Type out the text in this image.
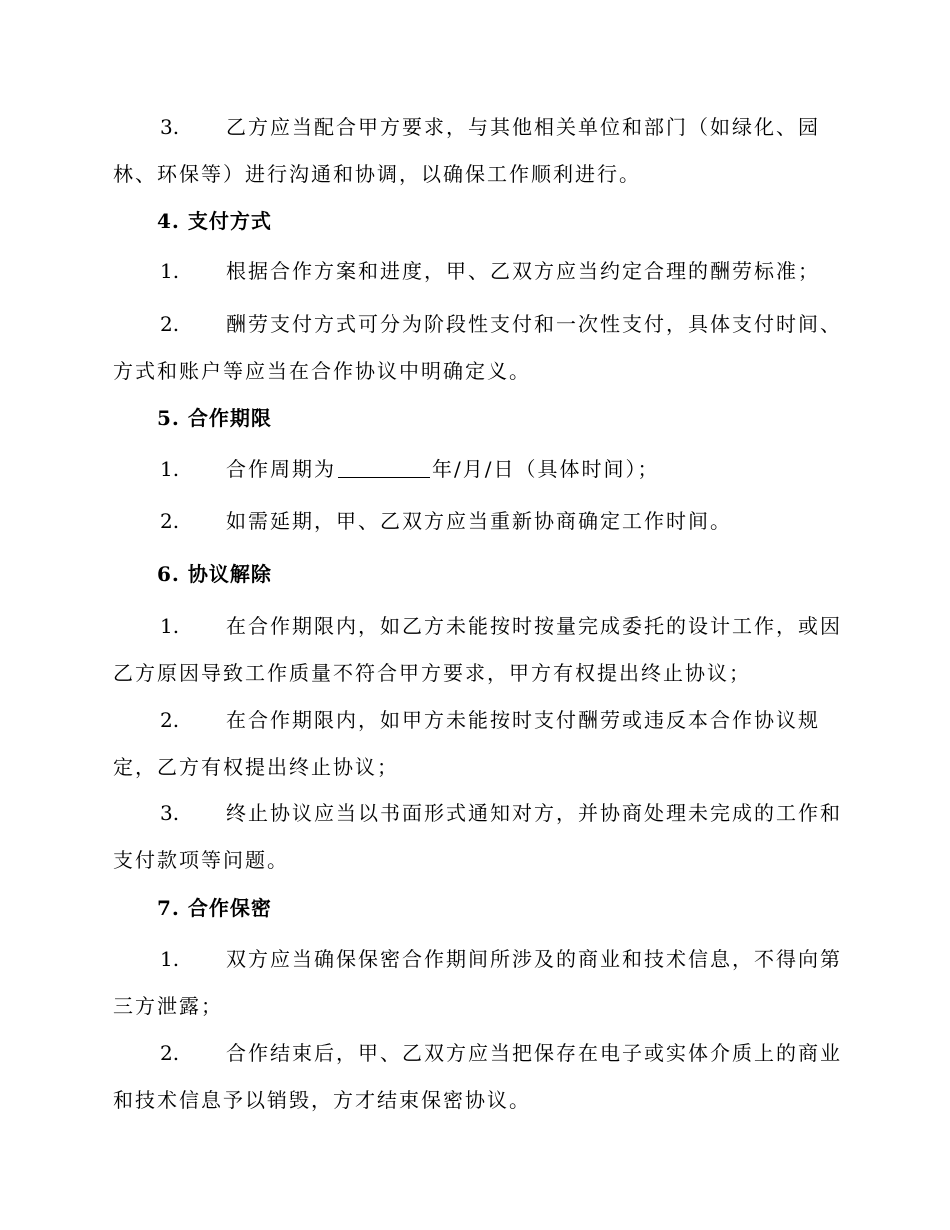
3. 乙方应当配合甲方要求，与其他相关单位和部门（如绿化、园
林、环保等）进行沟通和协调，以确保工作顺利进行。
4. 支付方式
1. 根据合作方案和进度，甲、乙双方应当约定合理的酬劳标准；
2. 酬劳支付方式可分为阶段性支付和一次性支付，具体支付时间、
方式和账户等应当在合作协议中明确定义。
5. 合作期限
1. 合作周期为	年/月/日（具体时间）；
2. 如需延期，甲、乙双方应当重新协商确定工作时间。
6. 协议解除
1. 在合作期限内，如乙方未能按时按量完成委托的设计工作，或因
乙方原因导致工作质量不符合甲方要求，甲方有权提出终止协议；
2. 在合作期限内，如甲方未能按时支付酬劳或违反本合作协议规
定，乙方有权提出终止协议；
3. 终止协议应当以书面形式通知对方，并协商处理未完成的工作和
支付款项等问题。
7. 合作保密
1. 双方应当确保保密合作期间所涉及的商业和技术信息，不得向第
三方泄露；
2. 合作结束后，甲、乙双方应当把保存在电子或实体介质上的商业
和技术信息予以销毁，方才结束保密协议。
